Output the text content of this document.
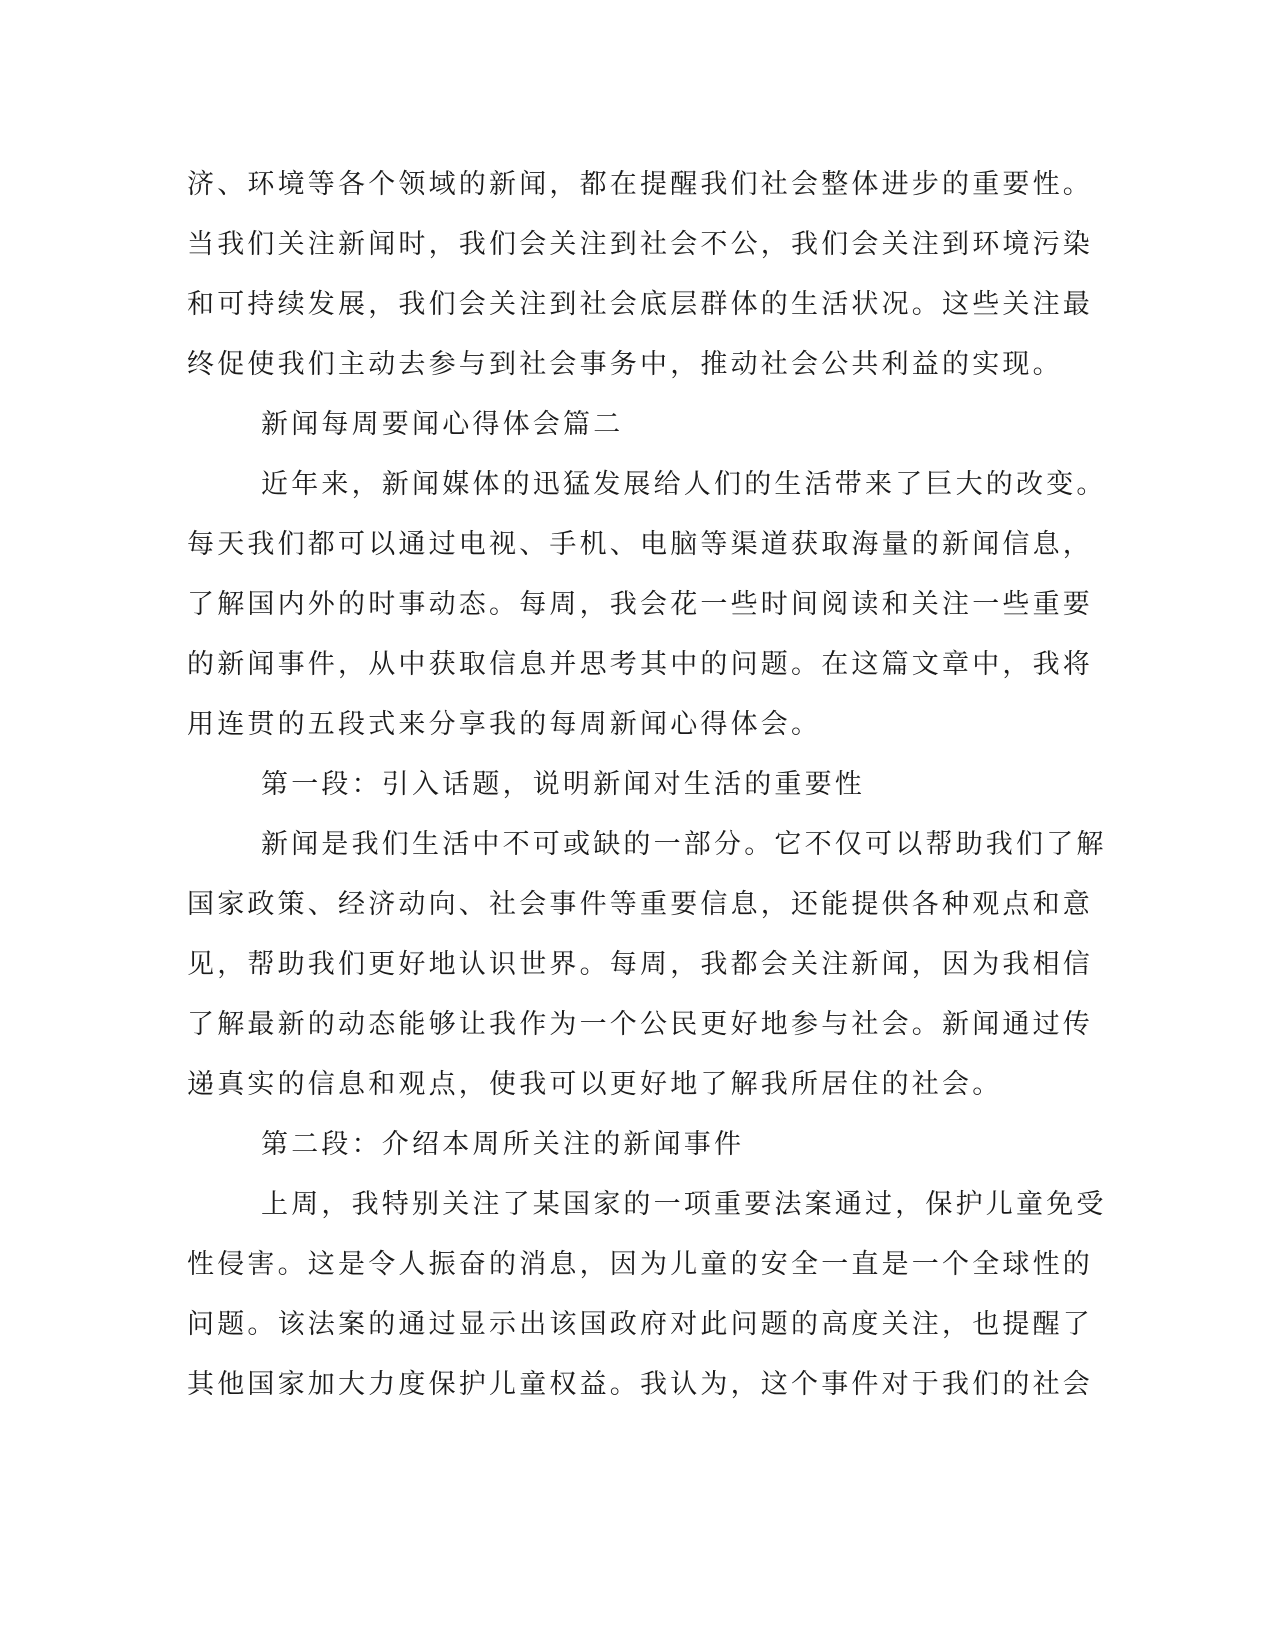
济、环境等各个领域的新闻，都在提醒我们社会整体进步的重要性。
当我们关注新闻时，我们会关注到社会不公，我们会关注到环境污染
和可持续发展，我们会关注到社会底层群体的生活状况。这些关注最
终促使我们主动去参与到社会事务中，推动社会公共利益的实现。
新闻每周要闻心得体会篇二
近年来，新闻媒体的迅猛发展给人们的生活带来了巨大的改变。
每天我们都可以通过电视、手机、电脑等渠道获取海量的新闻信息，
了解国内外的时事动态。每周，我会花一些时间阅读和关注一些重要
的新闻事件，从中获取信息并思考其中的问题。在这篇文章中，我将
用连贯的五段式来分享我的每周新闻心得体会。
第一段：引入话题，说明新闻对生活的重要性
新闻是我们生活中不可或缺的一部分。它不仅可以帮助我们了解
国家政策、经济动向、社会事件等重要信息，还能提供各种观点和意
见，帮助我们更好地认识世界。每周，我都会关注新闻，因为我相信
了解最新的动态能够让我作为一个公民更好地参与社会。新闻通过传
递真实的信息和观点，使我可以更好地了解我所居住的社会。
第二段：介绍本周所关注的新闻事件
上周，我特别关注了某国家的一项重要法案通过，保护儿童免受
性侵害。这是令人振奋的消息，因为儿童的安全一直是一个全球性的
问题。该法案的通过显示出该国政府对此问题的高度关注，也提醒了
其他国家加大力度保护儿童权益。我认为，这个事件对于我们的社会
